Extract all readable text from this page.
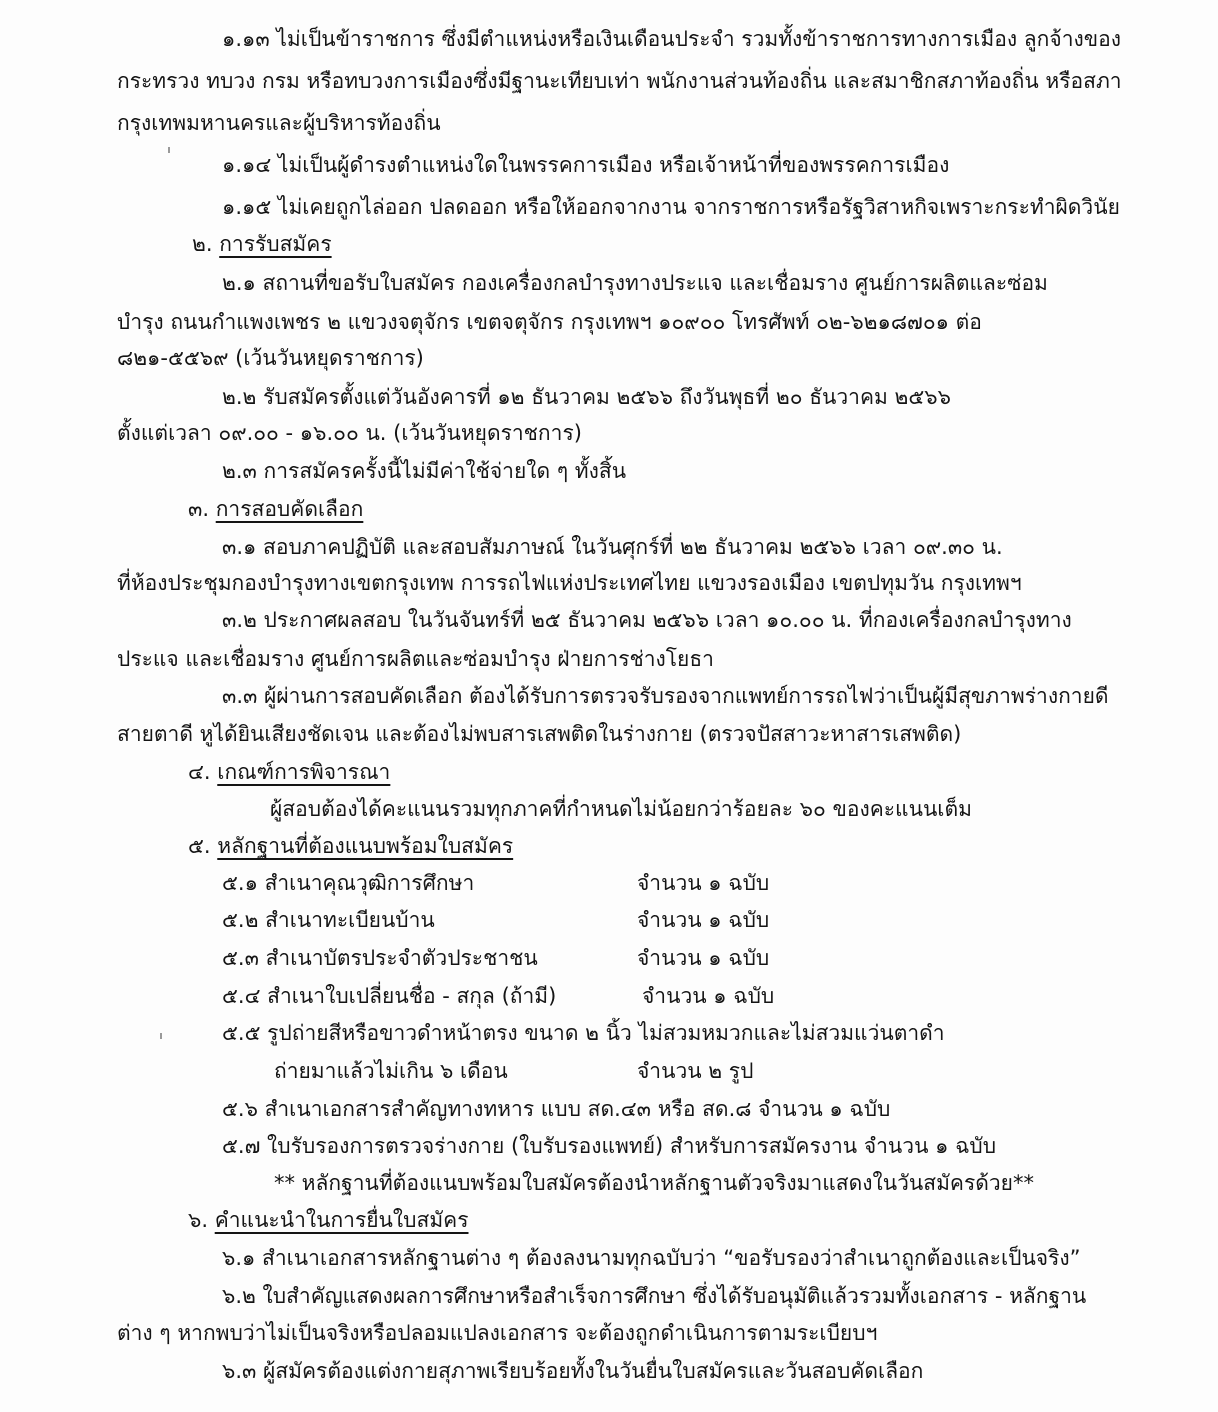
๑.๑๓ ไม่เป็นข้าราชการ ซึ่งมีตำแหน่งหรือเงินเดือนประจำ รวมทั้งข้าราชการทางการเมือง ลูกจ้างของ
กระทรวง ทบวง กรม หรือทบวงการเมืองซึ่งมีฐานะเทียบเท่า พนักงานส่วนท้องถิ่น และสมาชิกสภาท้องถิ่น หรือสภา
กรุงเทพมหานครและผู้บริหารท้องถิ่น
๑.๑๔ ไม่เป็นผู้ดำรงตำแหน่งใดในพรรคการเมือง หรือเจ้าหน้าที่ของพรรคการเมือง
๑.๑๕ ไม่เคยถูกไล่ออก ปลดออก หรือให้ออกจากงาน จากราชการหรือรัฐวิสาหกิจเพราะกระทำผิดวินัย
๒. การรับสมัคร
๒.๑ สถานที่ขอรับใบสมัคร กองเครื่องกลบำรุงทางประแจ และเชื่อมราง ศูนย์การผลิตและซ่อม
บำรุง ถนนกำแพงเพชร ๒ แขวงจตุจักร เขตจตุจักร กรุงเทพฯ ๑๐๙๐๐ โทรศัพท์ ๐๒-๖๒๑๘๗๐๑ ต่อ
๘๒๑-๕๕๖๙ (เว้นวันหยุดราชการ)
๒.๒ รับสมัครตั้งแต่วันอังคารที่ ๑๒ ธันวาคม ๒๕๖๖ ถึงวันพุธที่ ๒๐ ธันวาคม ๒๕๖๖
ตั้งแต่เวลา ๐๙.๐๐ - ๑๖.๐๐ น. (เว้นวันหยุดราชการ)
๒.๓ การสมัครครั้งนี้ไม่มีค่าใช้จ่ายใด ๆ ทั้งสิ้น
๓. การสอบคัดเลือก
๓.๑ สอบภาคปฏิบัติ และสอบสัมภาษณ์ ในวันศุกร์ที่ ๒๒ ธันวาคม ๒๕๖๖ เวลา ๐๙.๓๐ น.
ที่ห้องประชุมกองบำรุงทางเขตกรุงเทพ การรถไฟแห่งประเทศไทย แขวงรองเมือง เขตปทุมวัน กรุงเทพฯ
๓.๒ ประกาศผลสอบ ในวันจันทร์ที่ ๒๕ ธันวาคม ๒๕๖๖ เวลา ๑๐.๐๐ น. ที่กองเครื่องกลบำรุงทาง
ประแจ และเชื่อมราง ศูนย์การผลิตและซ่อมบำรุง ฝ่ายการช่างโยธา
๓.๓ ผู้ผ่านการสอบคัดเลือก ต้องได้รับการตรวจรับรองจากแพทย์การรถไฟว่าเป็นผู้มีสุขภาพร่างกายดี
สายตาดี หูได้ยินเสียงชัดเจน และต้องไม่พบสารเสพติดในร่างกาย (ตรวจปัสสาวะหาสารเสพติด)
๔. เกณฑ์การพิจารณา
ผู้สอบต้องได้คะแนนรวมทุกภาคที่กำหนดไม่น้อยกว่าร้อยละ ๖๐ ของคะแนนเต็ม
๕. หลักฐานที่ต้องแนบพร้อมใบสมัคร
๕.๑ สำเนาคุณวุฒิการศึกษา	จำนวน ๑ ฉบับ
๕.๒ สำเนาทะเบียนบ้าน	จำนวน ๑ ฉบับ
๕.๓ สำเนาบัตรประจำตัวประชาชน	จำนวน ๑ ฉบับ
๕.๔ สำเนาใบเปลี่ยนชื่อ - สกุล (ถ้ามี)	จำนวน ๑ ฉบับ
๕.๕ รูปถ่ายสีหรือขาวดำหน้าตรง ขนาด ๒ นิ้ว ไม่สวมหมวกและไม่สวมแว่นตาดำ
ถ่ายมาแล้วไม่เกิน ๖ เดือน	จำนวน ๒ รูป
๕.๖ สำเนาเอกสารสำคัญทางทหาร แบบ สด.๔๓ หรือ สด.๘ จำนวน ๑ ฉบับ
๕.๗ ใบรับรองการตรวจร่างกาย (ใบรับรองแพทย์) สำหรับการสมัครงาน จำนวน ๑ ฉบับ
** หลักฐานที่ต้องแนบพร้อมใบสมัครต้องนำหลักฐานตัวจริงมาแสดงในวันสมัครด้วย**
๖. คำแนะนำในการยื่นใบสมัคร
๖.๑ สำเนาเอกสารหลักฐานต่าง ๆ ต้องลงนามทุกฉบับว่า “ขอรับรองว่าสำเนาถูกต้องและเป็นจริง”
๖.๒ ใบสำคัญแสดงผลการศึกษาหรือสำเร็จการศึกษา ซึ่งได้รับอนุมัติแล้วรวมทั้งเอกสาร - หลักฐาน
ต่าง ๆ หากพบว่าไม่เป็นจริงหรือปลอมแปลงเอกสาร จะต้องถูกดำเนินการตามระเบียบฯ
๖.๓ ผู้สมัครต้องแต่งกายสุภาพเรียบร้อยทั้งในวันยื่นใบสมัครและวันสอบคัดเลือก
